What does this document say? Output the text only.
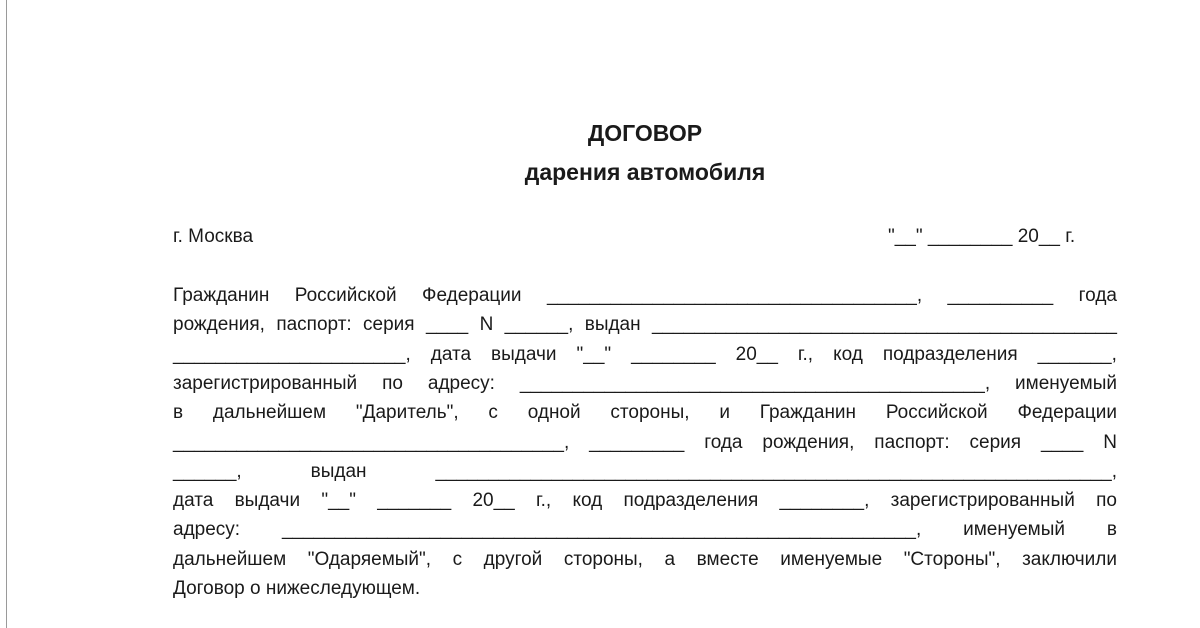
ДОГОВОР
дарения автомобиля
г. Москва	"__" ________ 20__ г.
Гражданин Российской Федерации ___________________________________, __________ года
рождения, паспорт: серия ____ N ______, выдан ____________________________________________
______________________, дата выдачи "__" ________ 20__ г., код подразделения _______,
зарегистрированный по адресу: ____________________________________________, именуемый
в дальнейшем "Даритель", с одной стороны, и Гражданин Российской Федерации
_____________________________________, _________ года рождения, паспорт: серия ____ N
______,	выдан	________________________________________________________________,
дата выдачи "__" _______ 20__ г., код подразделения ________, зарегистрированный по
адресу: ____________________________________________________________, именуемый в
дальнейшем "Одаряемый", с другой стороны, а вместе именуемые "Стороны", заключили
Договор о нижеследующем.
